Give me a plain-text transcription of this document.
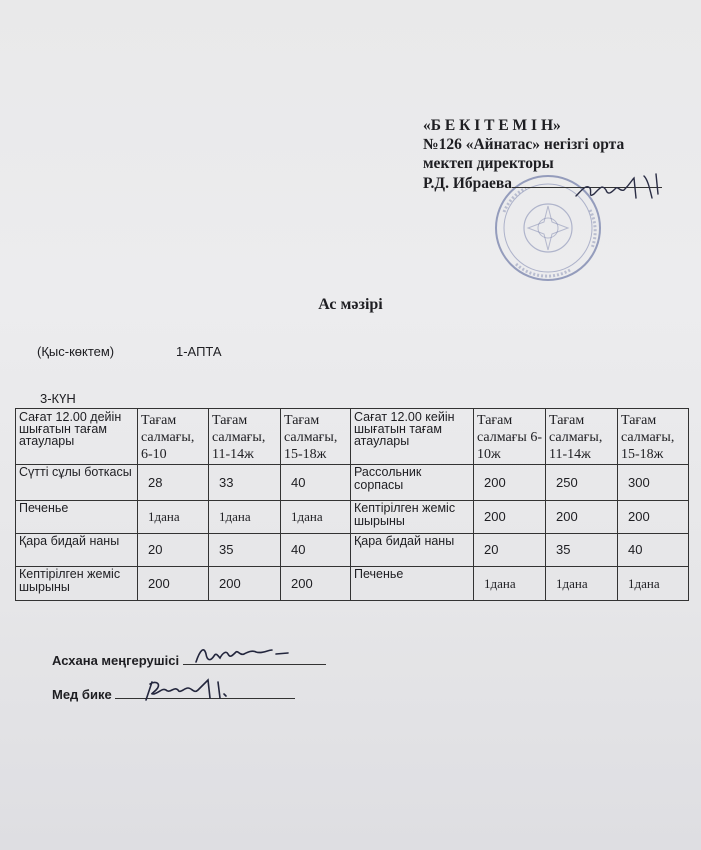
«Б Е К І Т Е М І Н»
№126 «Айнатас» негізгі орта
мектеп директоры
Р.Д. Ибраева
Ас мәзірі
(Қыс-көктем)	1-АПТА
3-КҮН
Сағат 12.00 дейін шығатын тағам атаулары	Тағам салмағы, 6-10	Тағам салмағы, 11-14ж	Тағам салмағы, 15-18ж	Сағат 12.00 кейін шығатын тағам атаулары	Тағам салмағы 6-10ж	Тағам салмағы, 11-14ж	Тағам салмағы, 15-18ж
Сүтті сұлы боткасы	28	33	40	Рассольник сорпасы	200	250	300
Печенье	1дана	1дана	1дана	Кептірілген жеміс шырыны	200	200	200
Қара бидай наны	20	35	40	Қара бидай наны	20	35	40
Кептірілген жеміс шырыны	200	200	200	Печенье	1дана	1дана	1дана
Асхана меңгерушісі
Мед бике
